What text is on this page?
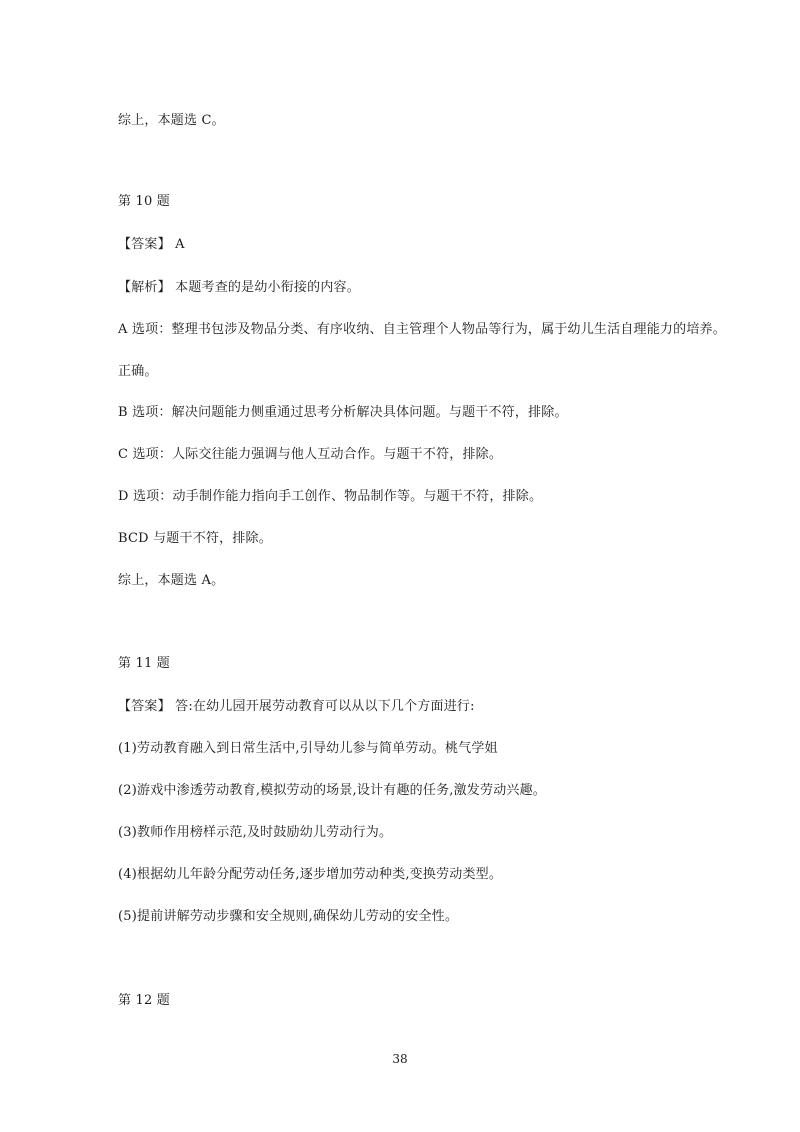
综上，本题选 C。
第 10 题
【答案】 A
【解析】 本题考查的是幼小衔接的内容。
A 选项：整理书包涉及物品分类、有序收纳、自主管理个人物品等行为，属于幼儿生活自理能力的培养。
正确。
B 选项：解决问题能力侧重通过思考分析解决具体问题。与题干不符，排除。
C 选项：人际交往能力强调与他人互动合作。与题干不符，排除。
D 选项：动手制作能力指向手工创作、物品制作等。与题干不符，排除。
BCD 与题干不符，排除。
综上，本题选 A。
第 11 题
【答案】 答:在幼儿园开展劳动教育可以从以下几个方面进行:
(1)劳动教育融入到日常生活中,引导幼儿参与简单劳动。桃气学姐
(2)游戏中渗透劳动教育,模拟劳动的场景,设计有趣的任务,激发劳动兴趣。
(3)教师作用榜样示范,及时鼓励幼儿劳动行为。
(4)根据幼儿年龄分配劳动任务,逐步增加劳动种类,变换劳动类型。
(5)提前讲解劳动步骤和安全规则,确保幼儿劳动的安全性。
第 12 题
38
